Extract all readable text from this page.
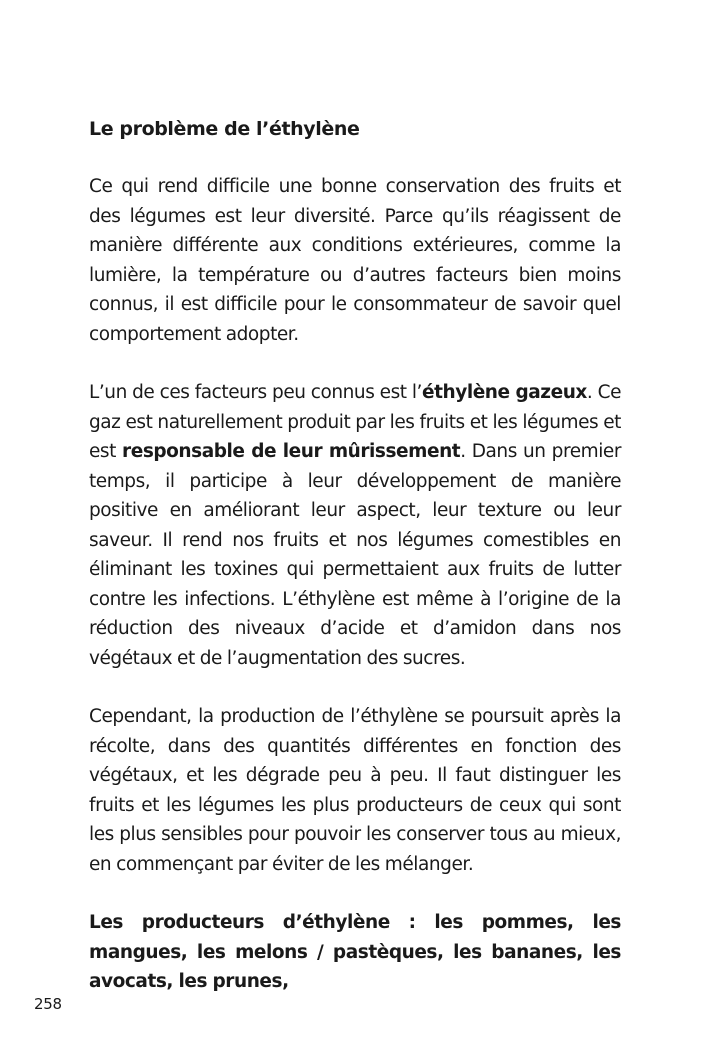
Le problème de l’éthylène

Ce qui rend difficile une bonne conservation des fruits et des légumes est leur diversité. Parce qu’ils réagissent de manière différente aux conditions extérieures, comme la lumière, la température ou d’autres facteurs bien moins connus, il est difficile pour le consommateur de savoir quel comportement adopter.

L’un de ces facteurs peu connus est l’éthylène gazeux. Ce gaz est naturellement produit par les fruits et les légumes et est responsable de leur mûrissement. Dans un premier temps, il participe à leur développement de manière positive en améliorant leur aspect, leur texture ou leur saveur. Il rend nos fruits et nos légumes comestibles en éliminant les toxines qui permettaient aux fruits de lutter contre les infections. L’éthylène est même à l’origine de la réduction des niveaux d’acide et d’amidon dans nos végétaux et de l’augmentation des sucres.

Cependant, la production de l’éthylène se poursuit après la récolte, dans des quantités différentes en fonction des végétaux, et les dégrade peu à peu. Il faut distinguer les fruits et les légumes les plus producteurs de ceux qui sont les plus sensibles pour pouvoir les conserver tous au mieux, en commençant par éviter de les mélanger.

Les producteurs d’éthylène : les pommes, les mangues, les melons / pastèques, les bananes, les avocats, les prunes,

258
